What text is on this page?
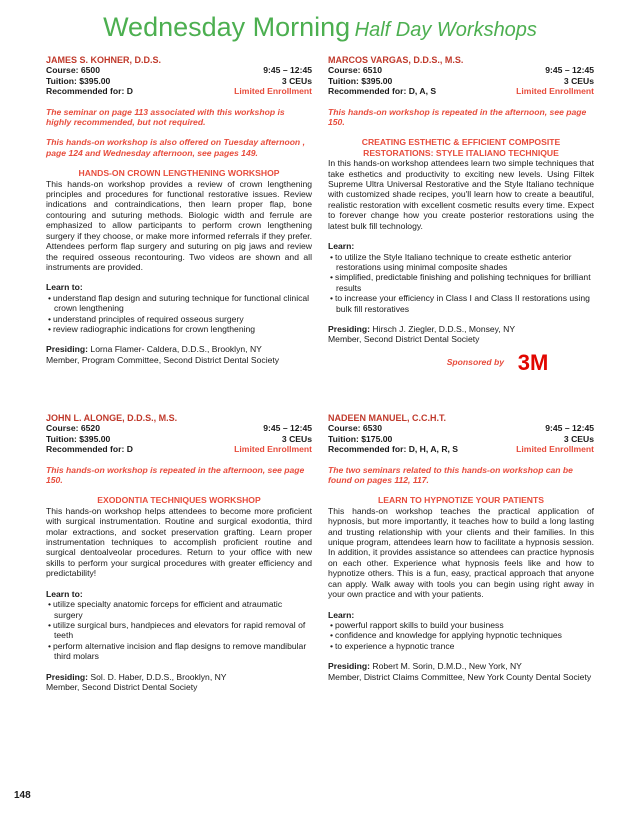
Wednesday Morning Half Day Workshops
JAMES S. KOHNER, D.D.S.
Course: 6500	9:45 – 12:45
Tuition: $395.00	3 CEUs
Recommended for: D	Limited Enrollment
The seminar on page 113 associated with this workshop is highly recommended, but not required.
This hands-on workshop is also offered on Tuesday afternoon , page 124 and Wednesday afternoon, see pages 149.
HANDS-ON CROWN LENGTHENING WORKSHOP
This hands-on workshop provides a review of crown lengthening principles and procedures for functional restorative issues. Review indications and contraindications, then learn proper flap, bone contouring and suturing methods. Biologic width and ferrule are emphasized to allow participants to perform crown lengthening surgery if they choose, or make more informed referrals if they prefer. Attendees perform flap surgery and suturing on pig jaws and review the required osseous recontouring. Two videos are shown and all instruments are provided.
Learn to:
• understand flap design and suturing technique for functional clinical crown lengthening
• understand principles of required osseous surgery
• review radiographic indications for crown lengthening
Presiding: Lorna Flamer- Caldera, D.D.S., Brooklyn, NY
Member, Program Committee, Second District Dental Society
MARCOS VARGAS, D.D.S., M.S.
Course: 6510	9:45 – 12:45
Tuition: $395.00	3 CEUs
Recommended for: D, A, S	Limited Enrollment
This hands-on workshop is repeated in the afternoon, see page 150.
CREATING ESTHETIC & EFFICIENT COMPOSITE RESTORATIONS: STYLE ITALIANO TECHNIQUE
In this hands-on workshop attendees learn two simple techniques that take esthetics and productivity to exciting new levels. Using Filtek Supreme Ultra Universal Restorative and the Style Italiano technique with customized shade recipes, you'll learn how to create a beautiful, realistic restoration with excellent cosmetic results every time. Expect to forever change how you create posterior restorations using the latest bulk fill technology.
Learn:
• to utilize the Style Italiano technique to create esthetic anterior restorations using minimal composite shades
• simplified, predictable finishing and polishing techniques for brilliant results
• to increase your efficiency in Class I and Class II restorations using bulk fill restoratives
Presiding: Hirsch J. Ziegler, D.D.S., Monsey, NY
Member, Second District Dental Society
Sponsored by 3M
JOHN L. ALONGE, D.D.S., M.S.
Course: 6520	9:45 – 12:45
Tuition: $395.00	3 CEUs
Recommended for: D	Limited Enrollment
This hands-on workshop is repeated in the afternoon, see page 150.
EXODONTIA TECHNIQUES WORKSHOP
This hands-on workshop helps attendees to become more proficient with surgical instrumentation. Routine and surgical exodontia, third molar extractions, and socket preservation grafting. Learn proper instrumentation techniques to accomplish proficient routine and surgical dentoalveolar procedures. Return to your office with new skills to perform your surgical procedures with greater efficiency and predictability!
Learn to:
• utilize specialty anatomic forceps for efficient and atraumatic surgery
• utilize surgical burs, handpieces and elevators for rapid removal of teeth
• perform alternative incision and flap designs to remove mandibular third molars
Presiding: Sol. D. Haber, D.D.S., Brooklyn, NY
Member, Second District Dental Society
NADEEN MANUEL, C.C.H.T.
Course: 6530	9:45 – 12:45
Tuition: $175.00	3 CEUs
Recommended for: D, H, A, R, S	Limited Enrollment
The two seminars related to this hands-on workshop can be found on pages 112, 117.
LEARN TO HYPNOTIZE YOUR PATIENTS
This hands-on workshop teaches the practical application of hypnosis, but more importantly, it teaches how to build a long lasting and trusting relationship with your clients and their families. In this unique program, attendees learn how to facilitate a hypnosis session. In addition, it provides assistance so attendees can practice hypnosis on each other. Experience what hypnosis feels like and how to hypnotize others. This is a fun, easy, practical approach that anyone can apply. Walk away with tools you can begin using right away in your own practice and with your patients.
Learn:
• powerful rapport skills to build your business
• confidence and knowledge for applying hypnotic techniques
• to experience a hypnotic trance
Presiding: Robert M. Sorin, D.M.D., New York, NY
Member, District Claims Committee, New York County Dental Society
148
